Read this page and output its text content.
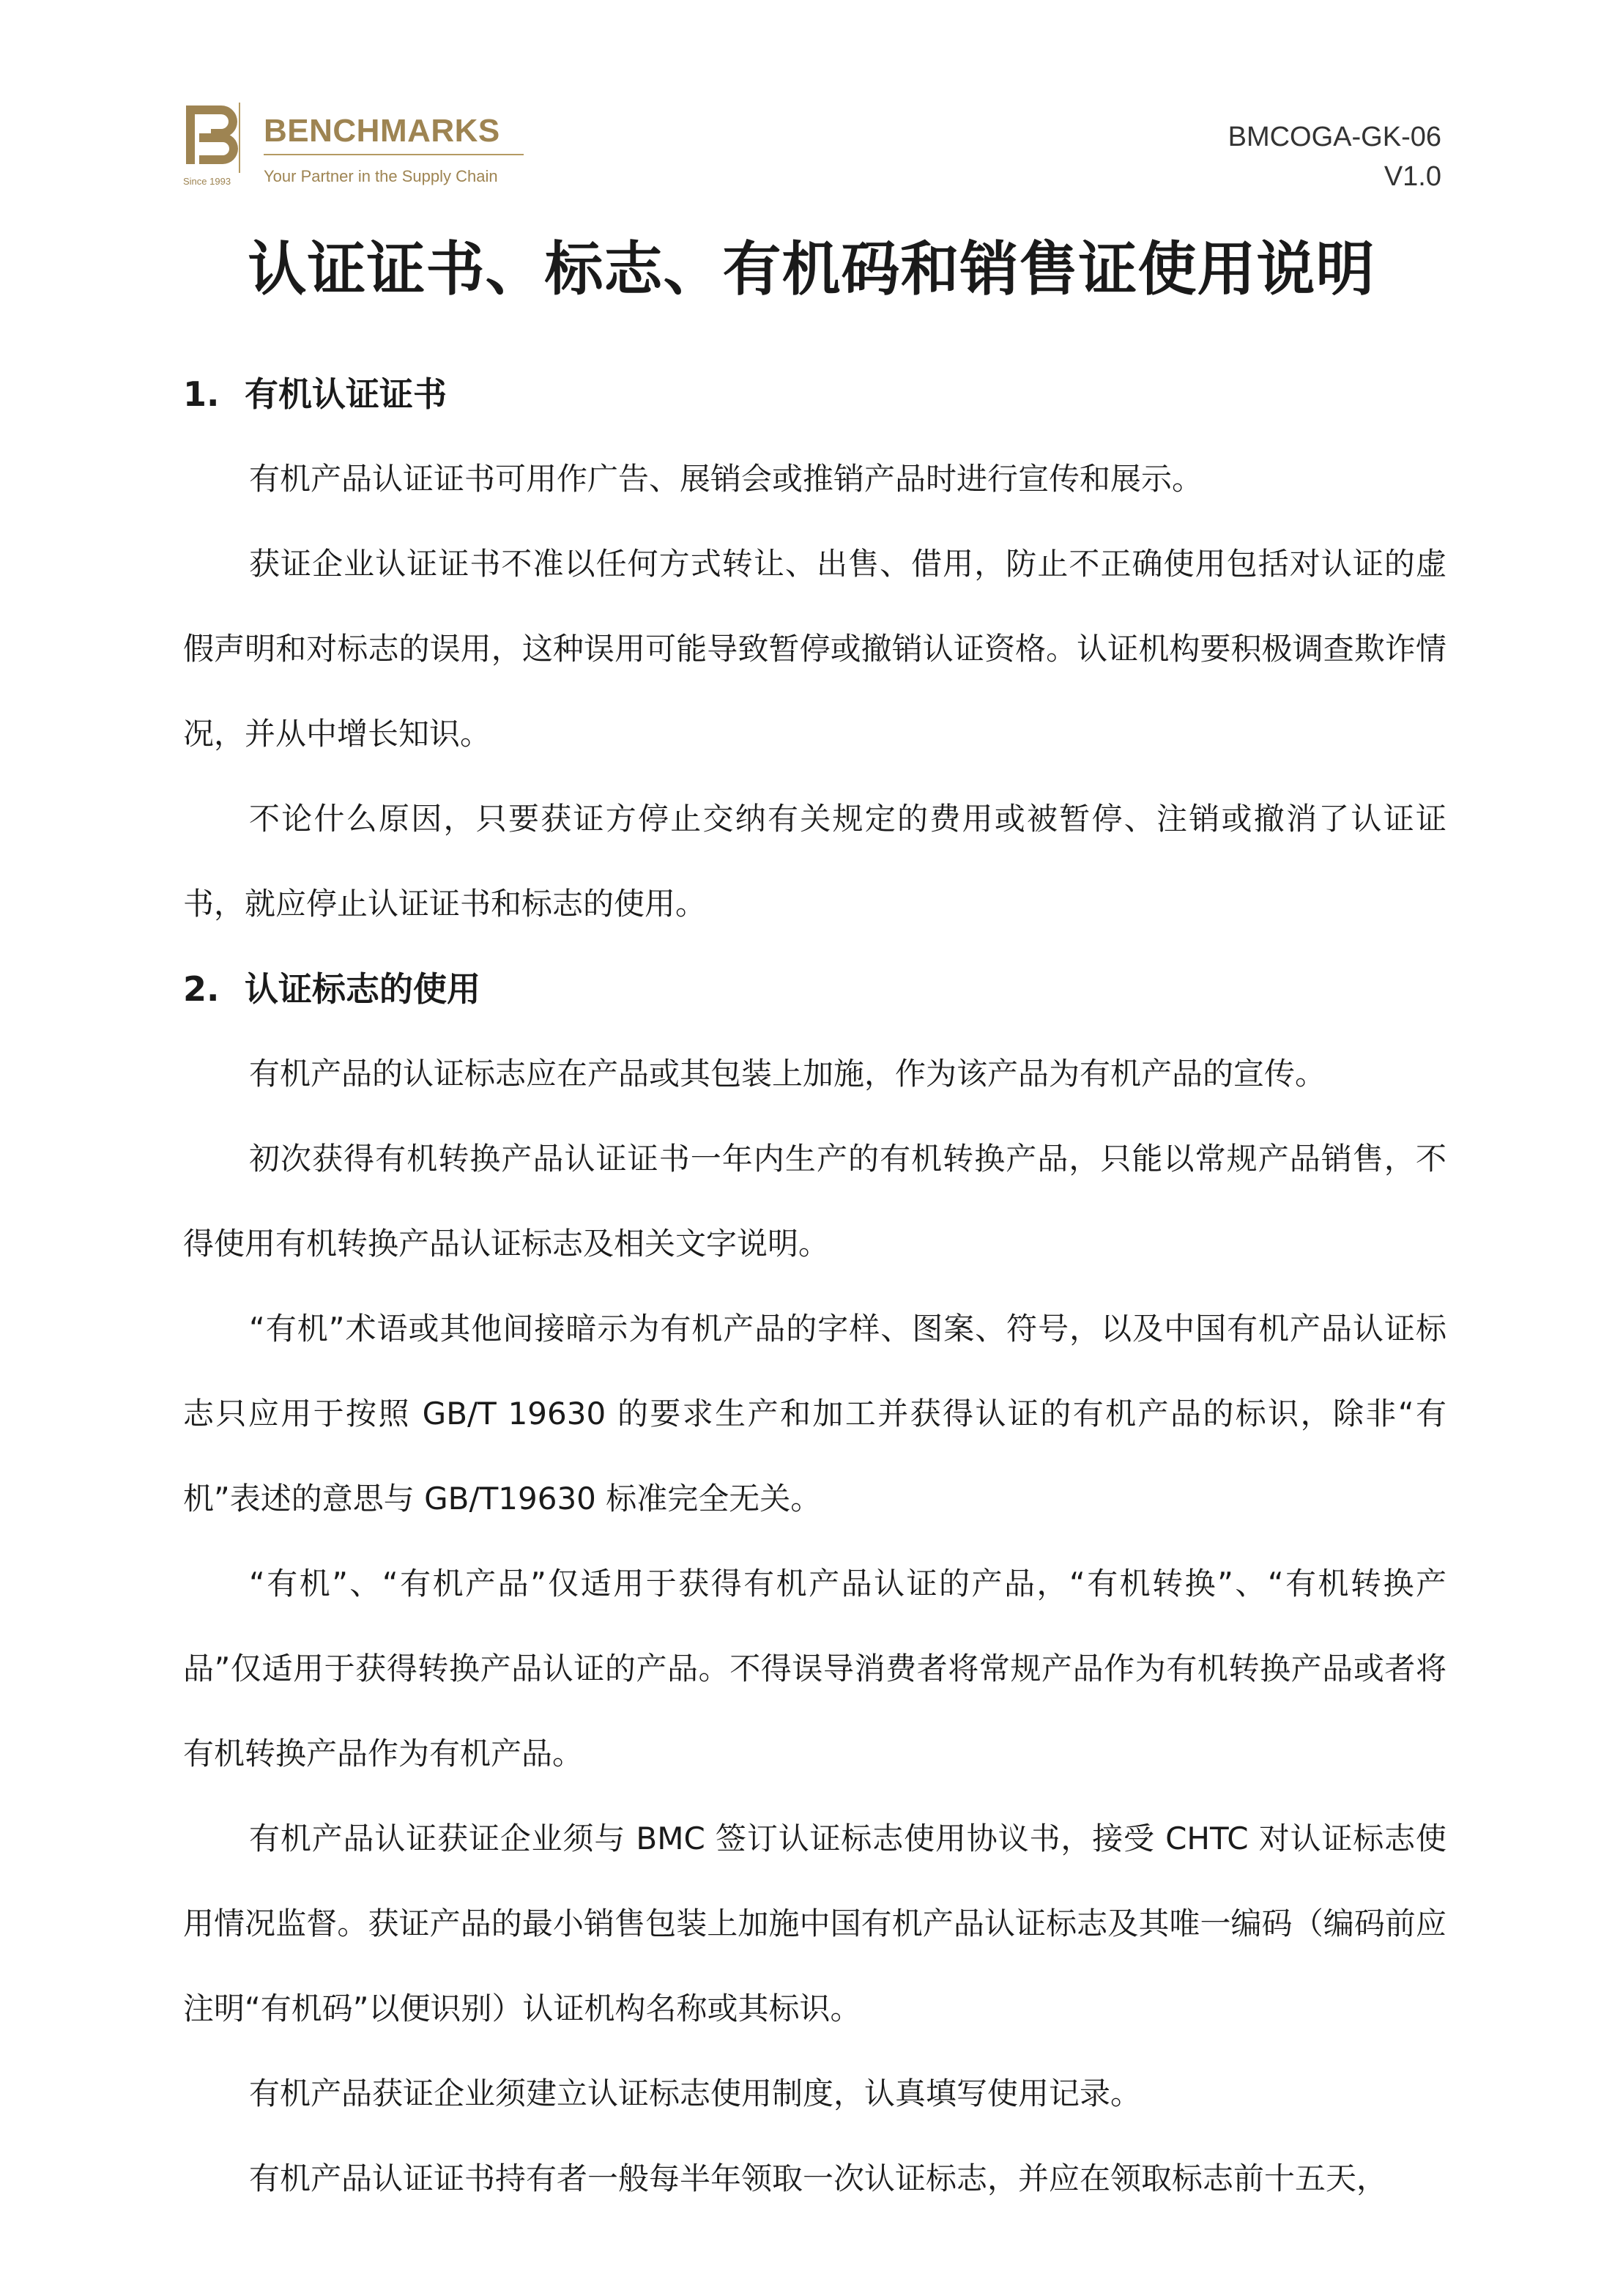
BENCHMARKS
Your Partner in the Supply Chain
Since 1993
BMCOGA-GK-06
V1.0
认证证书、标志、有机码和销售证使用说明
1. 有机认证证书

有机产品认证证书可用作广告、展销会或推销产品时进行宣传和展示。

获证企业认证证书不准以任何方式转让、出售、借用，防止不正确使用包括对认证的虚假声明和对标志的误用，这种误用可能导致暂停或撤销认证资格。认证机构要积极调查欺诈情况，并从中增长知识。

不论什么原因，只要获证方停止交纳有关规定的费用或被暂停、注销或撤消了认证证书，就应停止认证证书和标志的使用。

2. 认证标志的使用

有机产品的认证标志应在产品或其包装上加施，作为该产品为有机产品的宣传。

初次获得有机转换产品认证证书一年内生产的有机转换产品，只能以常规产品销售，不得使用有机转换产品认证标志及相关文字说明。

“有机”术语或其他间接暗示为有机产品的字样、图案、符号，以及中国有机产品认证标志只应用于按照 GB/T 19630 的要求生产和加工并获得认证的有机产品的标识，除非“有机”表述的意思与 GB/T19630 标准完全无关。

“有机”、“有机产品”仅适用于获得有机产品认证的产品，“有机转换”、“有机转换产品”仅适用于获得转换产品认证的产品。不得误导消费者将常规产品作为有机转换产品或者将有机转换产品作为有机产品。

有机产品认证获证企业须与 BMC 签订认证标志使用协议书，接受 CHTC 对认证标志使用情况监督。获证产品的最小销售包装上加施中国有机产品认证标志及其唯一编码（编码前应注明“有机码”以便识别）认证机构名称或其标识。

有机产品获证企业须建立认证标志使用制度，认真填写使用记录。

有机产品认证证书持有者一般每半年领取一次认证标志，并应在领取标志前十五天，
